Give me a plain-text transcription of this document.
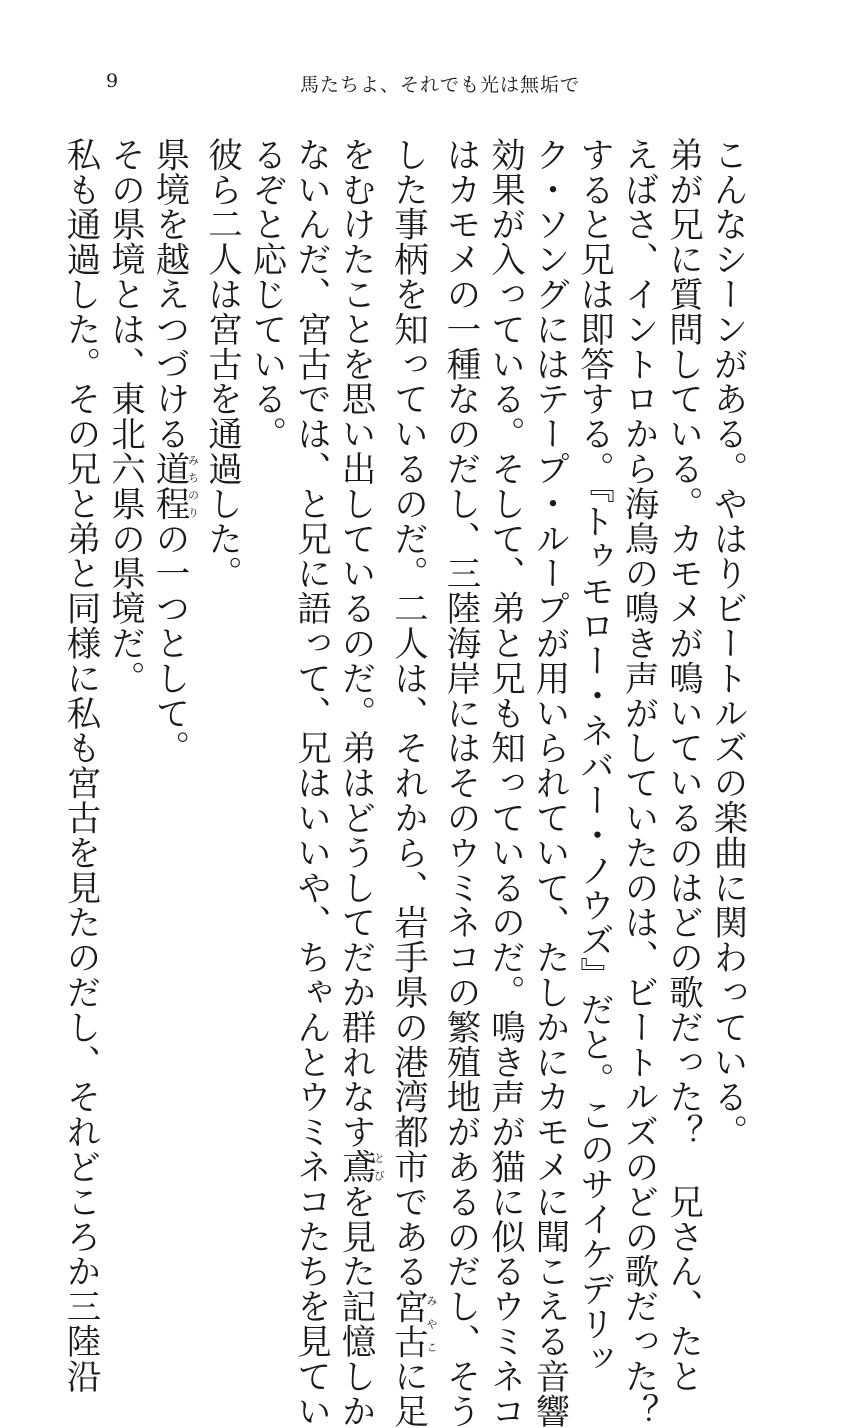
9	馬たちよ、それでも光は無垢で
こんなシーンがある。やはりビートルズの楽曲に関わっている。
弟が兄に質問している。カモメが鳴いているのはどの歌だった？　兄さん、たと
えばさ、イントロから海鳥の鳴き声がしていたのは、ビートルズのどの歌だった？
すると兄は即答する。『トゥモロー・ネバー・ノウズ』だと。このサイケデリッ
ク・ソングにはテープ・ループが用いられていて、たしかにカモメに聞こえる音響
効果が入っている。そして、弟と兄も知っているのだ。鳴き声が猫に似るウミネコ
はカモメの一種なのだし、三陸海岸にはそのウミネコの繁殖地があるのだし、そう
した事柄を知っているのだ。二人は、それから、岩手県の港湾都市である宮古みやこに足
をむけたことを思い出しているのだ。弟はどうしてだか群れなす鳶とびを見た記憶しか
ないんだ、宮古では、と兄に語って、兄はいいや、ちゃんとウミネコたちを見てい
るぞと応じている。
彼ら二人は宮古を通過した。
県境を越えつづける道程みちのりの一つとして。
その県境とは、東北六県の県境だ。
私も通過した。その兄と弟と同様に私も宮古を見たのだし、それどころか三陸沿
